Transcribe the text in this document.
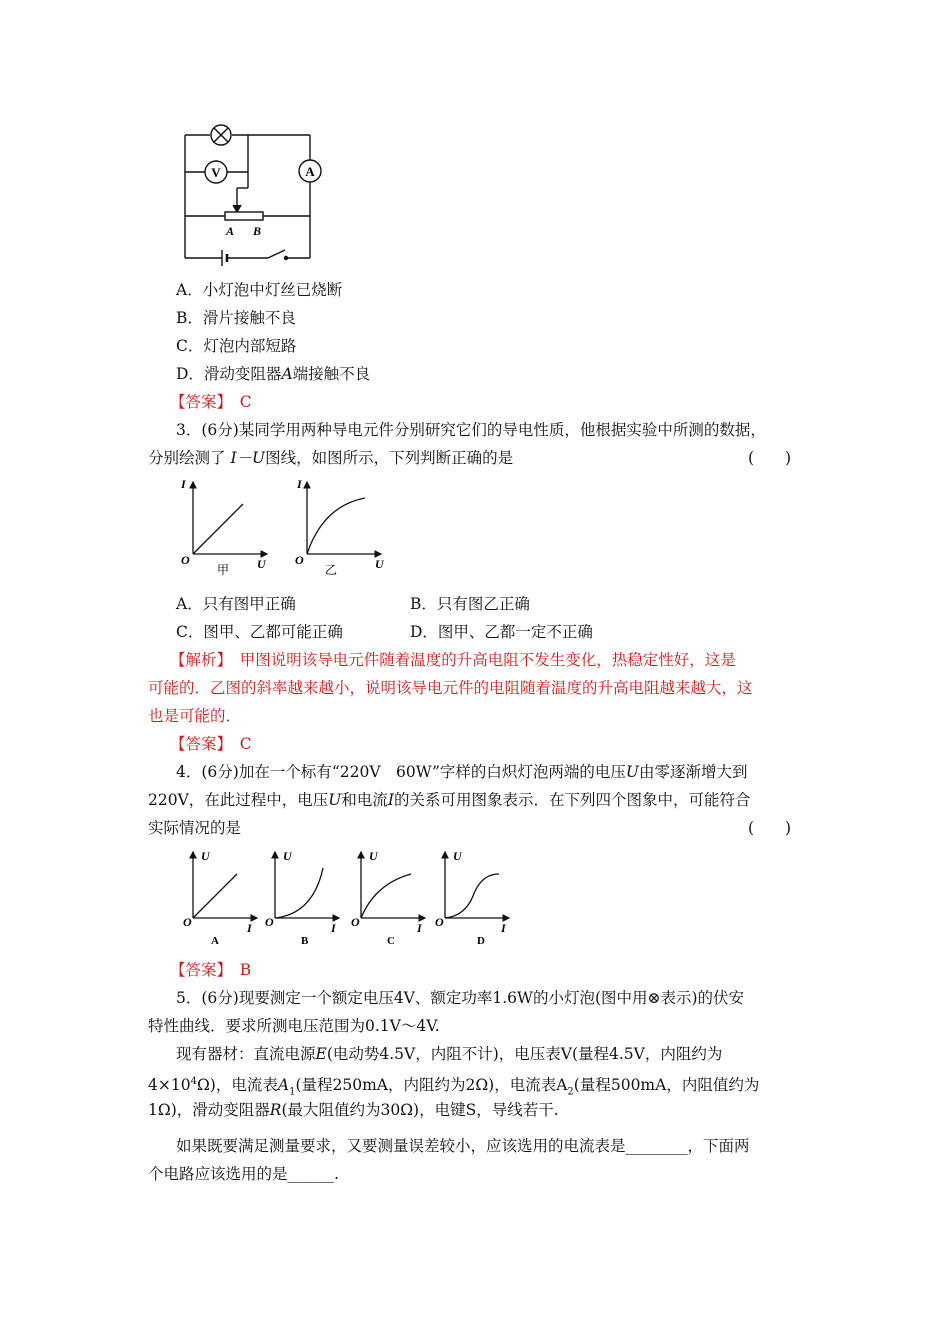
V	A
A B
A．小灯泡中灯丝已烧断
B．滑片接触不良
C．灯泡内部短路
D．滑动变阻器A端接触不良
【答案】　 C
3．(6分)某同学用两种导电元件分别研究它们的导电性质，他根据实验中所测的数据，
分别绘测了 I－U图线，如图所示，下列判断正确的是	(　　)
I
O	U
甲
I
O	U
乙
A．只有图甲正确	B．只有图乙正确
C．图甲、乙都可能正确	D．图甲、乙都一定不正确
【解析】　 甲图说明该导电元件随着温度的升高电阻不发生变化，热稳定性好，这是
可能的．乙图的斜率越来越小，说明该导电元件的电阻随着温度的升高电阻越来越大，这
也是可能的．
【答案】　 C
4．(6分)加在一个标有“220V　60W”字样的白炽灯泡两端的电压U由零逐渐增大到
220V，在此过程中，电压U和电流I的关系可用图象表示．在下列四个图象中，可能符合
实际情况的是	(　　)
U
O	I
A
U
O	I
B
U
O	I
C
U
O	I
D
【答案】　 B
5．(6分)现要测定一个额定电压4V、额定功率1.6W的小灯泡(图中用⊗表示)的伏安
特性曲线．要求所测电压范围为0.1V～4V.
现有器材：直流电源E(电动势4.5V，内阻不计)，电压表V(量程4.5V，内阻约为
$4\times 10^4\Omega$)，电流表$A_1$(量程250mA，内阻约为2Ω)，电流表$A_2$(量程500mA，内阻值约为
1Ω)，滑动变阻器R(最大阻值约为30Ω)，电键S，导线若干.
如果既要满足测量要求，又要测量误差较小，应该选用的电流表是________，下面两
个电路应该选用的是______.
